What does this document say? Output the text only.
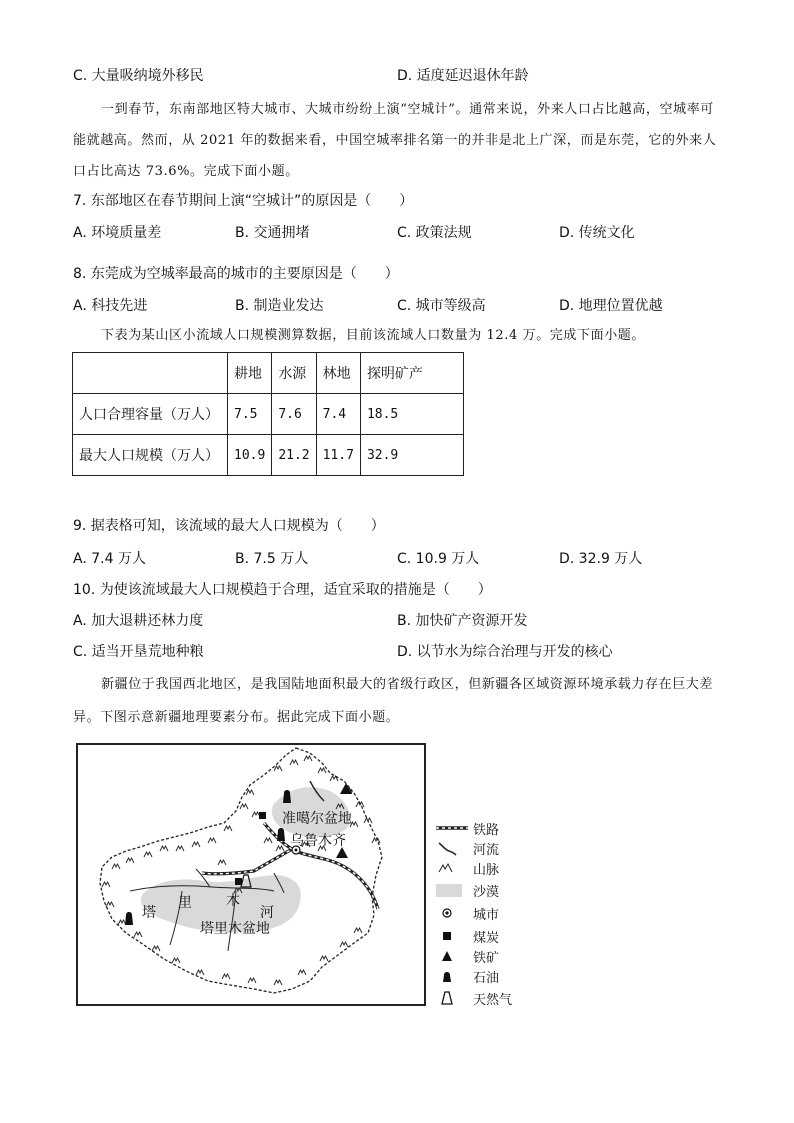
C. 大量吸纳境外移民	D. 适度延迟退休年龄
一到春节，东南部地区特大城市、大城市纷纷上演“空城计”。通常来说，外来人口占比越高，空城率可能就越高。然而，从 2021 年的数据来看，中国空城率排名第一的并非是北上广深，而是东莞，它的外来人口占比高达 73.6%。完成下面小题。
7. 东部地区在春节期间上演“空城计”的原因是（　　）
A. 环境质量差	B. 交通拥堵	C. 政策法规	D. 传统文化
8. 东莞成为空城率最高的城市的主要原因是（　　）
A. 科技先进	B. 制造业发达	C. 城市等级高	D. 地理位置优越
下表为某山区小流域人口规模测算数据，目前该流域人口数量为 12.4 万。完成下面小题。
	耕地	水源	林地	探明矿产
人口合理容量（万人）	7.5	7.6	7.4	18.5
最大人口规模（万人）	10.9	21.2	11.7	32.9
9. 据表格可知，该流域的最大人口规模为（　　）
A. 7.4 万人	B. 7.5 万人	C. 10.9 万人	D. 32.9 万人
10. 为使该流域最大人口规模趋于合理，适宜采取的措施是（　　）
A. 加大退耕还林力度	B. 加快矿产资源开发
C. 适当开垦荒地种粮	D. 以节水为综合治理与开发的核心
新疆位于我国西北地区，是我国陆地面积最大的省级行政区，但新疆各区域资源环境承载力存在巨大差异。下图示意新疆地理要素分布。据此完成下面小题。
准噶尔盆地
乌鲁木齐
塔
里 木
河
塔里木盆地
铁路
河流
山脉
沙漠
城市
煤炭
铁矿
石油
天然气
